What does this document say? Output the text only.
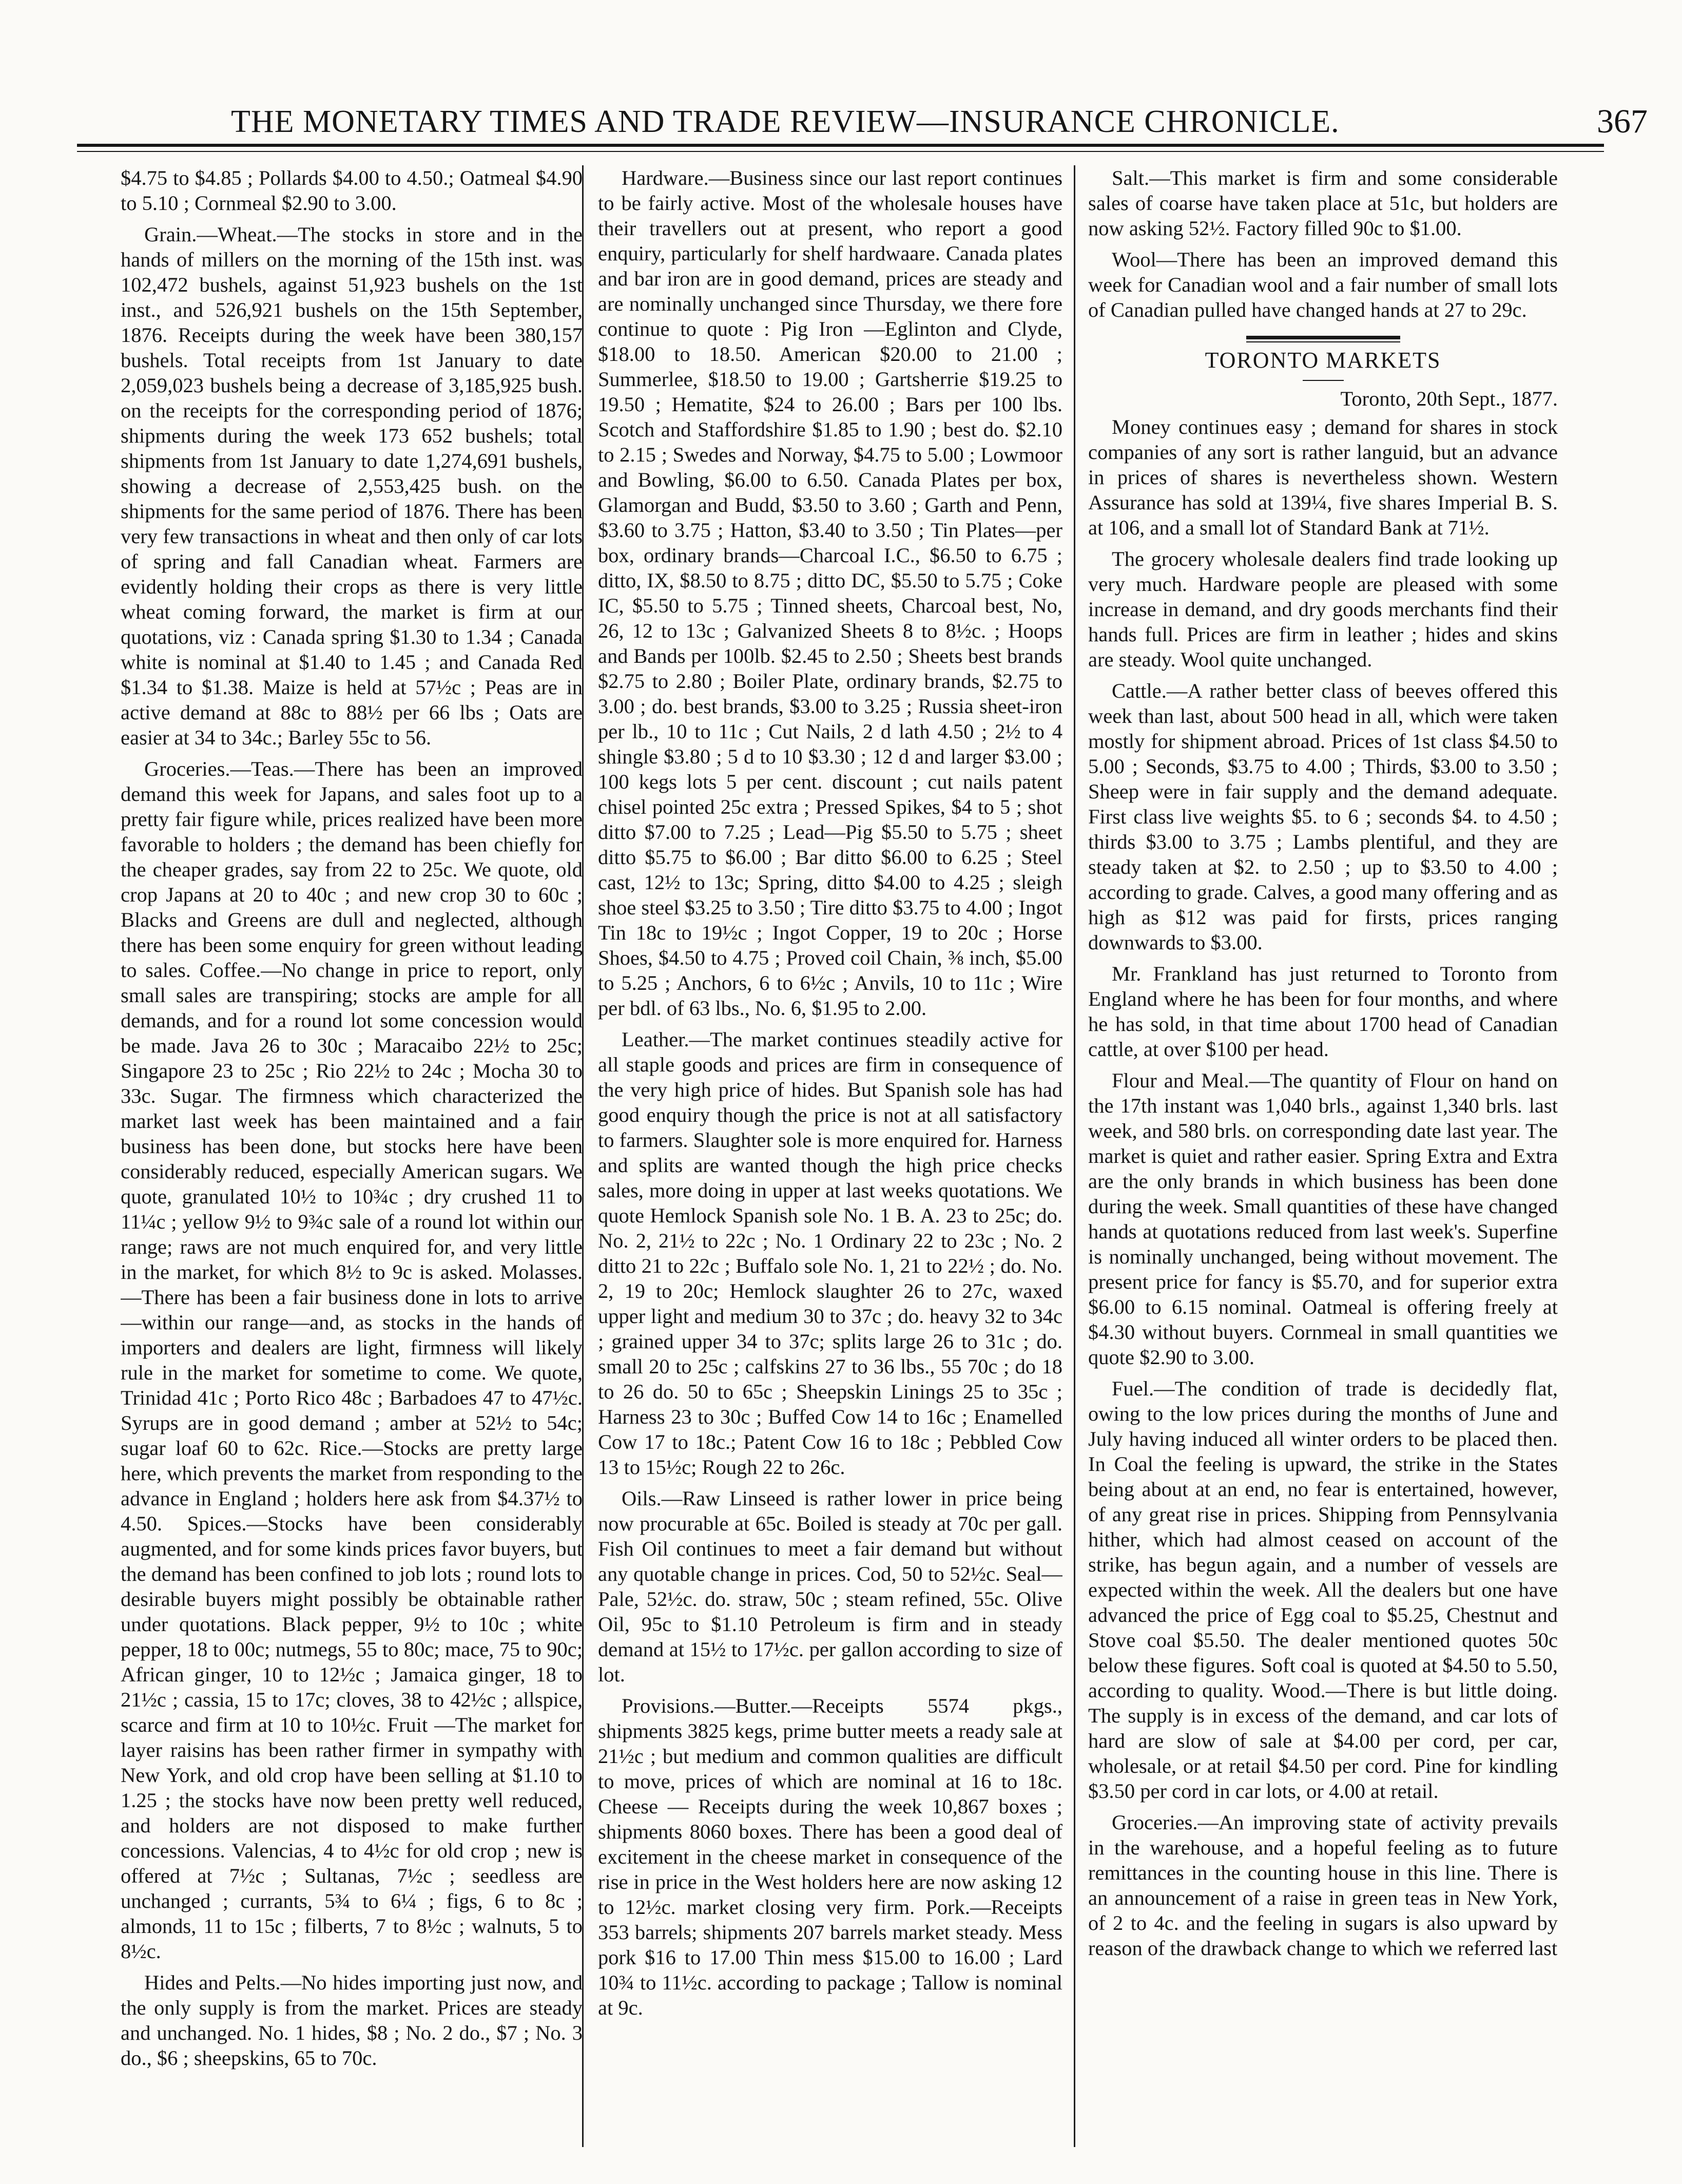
THE MONETARY TIMES AND TRADE REVIEW—INSURANCE CHRONICLE.	367

$4.75 to $4.85 ; Pollards $4.00 to 4.50.; Oatmeal $4.90 to 5.10 ; Cornmeal $2.90 to 3.00.

Grain.—Wheat.—The stocks in store and in the hands of millers on the morning of the 15th inst. was 102,472 bushels, against 51,923 bushels on the 1st inst., and 526,921 bushels on the 15th September, 1876. Receipts during the week have been 380,157 bushels. Total receipts from 1st January to date 2,059,023 bushels being a decrease of 3,185,925 bush. on the receipts for the corresponding period of 1876; shipments during the week 173 652 bushels; total shipments from 1st January to date 1,274,691 bushels, showing a decrease of 2,553,425 bush. on the shipments for the same period of 1876. There has been very few transactions in wheat and then only of car lots of spring and fall Canadian wheat. Farmers are evidently holding their crops as there is very little wheat coming forward, the market is firm at our quotations, viz : Canada spring $1.30 to 1.34 ; Canada white is nominal at $1.40 to 1.45 ; and Canada Red $1.34 to $1.38. Maize is held at 57½c ; Peas are in active demand at 88c to 88½ per 66 lbs ; Oats are easier at 34 to 34c.; Barley 55c to 56.

Groceries.—Teas.—There has been an improved demand this week for Japans, and sales foot up to a pretty fair figure while, prices realized have been more favorable to holders ; the demand has been chiefly for the cheaper grades, say from 22 to 25c. We quote, old crop Japans at 20 to 40c ; and new crop 30 to 60c ; Blacks and Greens are dull and neglected, although there has been some enquiry for green without leading to sales. Coffee.—No change in price to report, only small sales are transpiring; stocks are ample for all demands, and for a round lot some concession would be made. Java 26 to 30c ; Maracaibo 22½ to 25c; Singapore 23 to 25c ; Rio 22½ to 24c ; Mocha 30 to 33c. Sugar. The firmness which characterized the market last week has been maintained and a fair business has been done, but stocks here have been considerably reduced, especially American sugars. We quote, granulated 10½ to 10¾c ; dry crushed 11 to 11¼c ; yellow 9½ to 9¾c sale of a round lot within our range; raws are not much enquired for, and very little in the market, for which 8½ to 9c is asked. Molasses.—There has been a fair business done in lots to arrive—within our range—and, as stocks in the hands of importers and dealers are light, firmness will likely rule in the market for sometime to come. We quote, Trinidad 41c ; Porto Rico 48c ; Barbadoes 47 to 47½c. Syrups are in good demand ; amber at 52½ to 54c; sugar loaf 60 to 62c. Rice.—Stocks are pretty large here, which prevents the market from responding to the advance in England ; holders here ask from $4.37½ to 4.50. Spices.—Stocks have been considerably augmented, and for some kinds prices favor buyers, but the demand has been confined to job lots ; round lots to desirable buyers might possibly be obtainable rather under quotations. Black pepper, 9½ to 10c ; white pepper, 18 to 00c; nutmegs, 55 to 80c; mace, 75 to 90c; African ginger, 10 to 12½c ; Jamaica ginger, 18 to 21½c ; cassia, 15 to 17c; cloves, 38 to 42½c ; allspice, scarce and firm at 10 to 10½c. Fruit —The market for layer raisins has been rather firmer in sympathy with New York, and old crop have been selling at $1.10 to 1.25 ; the stocks have now been pretty well reduced, and holders are not disposed to make further concessions. Valencias, 4 to 4½c for old crop ; new is offered at 7½c ; Sultanas, 7½c ; seedless are unchanged ; currants, 5¾ to 6¼ ; figs, 6 to 8c ; almonds, 11 to 15c ; filberts, 7 to 8½c ; walnuts, 5 to 8½c.

Hides and Pelts.—No hides importing just now, and the only supply is from the market. Prices are steady and unchanged. No. 1 hides, $8 ; No. 2 do., $7 ; No. 3 do., $6 ; sheepskins, 65 to 70c.

Hardware.—Business since our last report continues to be fairly active. Most of the wholesale houses have their travellers out at present, who report a good enquiry, particularly for shelf hardwaare. Canada plates and bar iron are in good demand, prices are steady and are nominally unchanged since Thursday, we there fore continue to quote : Pig Iron —Eglinton and Clyde, $18.00 to 18.50. American $20.00 to 21.00 ; Summerlee, $18.50 to 19.00 ; Gartsherrie $19.25 to 19.50 ; Hematite, $24 to 26.00 ; Bars per 100 lbs. Scotch and Staffordshire $1.85 to 1.90 ; best do. $2.10 to 2.15 ; Swedes and Norway, $4.75 to 5.00 ; Lowmoor and Bowling, $6.00 to 6.50. Canada Plates per box, Glamorgan and Budd, $3.50 to 3.60 ; Garth and Penn, $3.60 to 3.75 ; Hatton, $3.40 to 3.50 ; Tin Plates—per box, ordinary brands—Charcoal I.C., $6.50 to 6.75 ; ditto, IX, $8.50 to 8.75 ; ditto DC, $5.50 to 5.75 ; Coke IC, $5.50 to 5.75 ; Tinned sheets, Charcoal best, No, 26, 12 to 13c ; Galvanized Sheets 8 to 8½c. ; Hoops and Bands per 100lb. $2.45 to 2.50 ; Sheets best brands $2.75 to 2.80 ; Boiler Plate, ordinary brands, $2.75 to 3.00 ; do. best brands, $3.00 to 3.25 ; Russia sheet-iron per lb., 10 to 11c ; Cut Nails, 2 d lath 4.50 ; 2½ to 4 shingle $3.80 ; 5 d to 10 $3.30 ; 12 d and larger $3.00 ; 100 kegs lots 5 per cent. discount ; cut nails patent chisel pointed 25c extra ; Pressed Spikes, $4 to 5 ; shot ditto $7.00 to 7.25 ; Lead—Pig $5.50 to 5.75 ; sheet ditto $5.75 to $6.00 ; Bar ditto $6.00 to 6.25 ; Steel cast, 12½ to 13c; Spring, ditto $4.00 to 4.25 ; sleigh shoe steel $3.25 to 3.50 ; Tire ditto $3.75 to 4.00 ; Ingot Tin 18c to 19½c ; Ingot Copper, 19 to 20c ; Horse Shoes, $4.50 to 4.75 ; Proved coil Chain, ⅜ inch, $5.00 to 5.25 ; Anchors, 6 to 6½c ; Anvils, 10 to 11c ; Wire per bdl. of 63 lbs., No. 6, $1.95 to 2.00.

Leather.—The market continues steadily active for all staple goods and prices are firm in consequence of the very high price of hides. But Spanish sole has had good enquiry though the price is not at all satisfactory to farmers. Slaughter sole is more enquired for. Harness and splits are wanted though the high price checks sales, more doing in upper at last weeks quotations. We quote Hemlock Spanish sole No. 1 B. A. 23 to 25c; do. No. 2, 21½ to 22c ; No. 1 Ordinary 22 to 23c ; No. 2 ditto 21 to 22c ; Buffalo sole No. 1, 21 to 22½ ; do. No. 2, 19 to 20c; Hemlock slaughter 26 to 27c, waxed upper light and medium 30 to 37c ; do. heavy 32 to 34c ; grained upper 34 to 37c; splits large 26 to 31c ; do. small 20 to 25c ; calfskins 27 to 36 lbs., 55 70c ; do 18 to 26 do. 50 to 65c ; Sheepskin Linings 25 to 35c ; Harness 23 to 30c ; Buffed Cow 14 to 16c ; Enamelled Cow 17 to 18c.; Patent Cow 16 to 18c ; Pebbled Cow 13 to 15½c; Rough 22 to 26c.

Oils.—Raw Linseed is rather lower in price being now procurable at 65c. Boiled is steady at 70c per gall. Fish Oil continues to meet a fair demand but without any quotable change in prices. Cod, 50 to 52½c. Seal—Pale, 52½c. do. straw, 50c ; steam refined, 55c. Olive Oil, 95c to $1.10 Petroleum is firm and in steady demand at 15½ to 17½c. per gallon according to size of lot.

Provisions.—Butter.—Receipts 5574 pkgs., shipments 3825 kegs, prime butter meets a ready sale at 21½c ; but medium and common qualities are difficult to move, prices of which are nominal at 16 to 18c. Cheese — Receipts during the week 10,867 boxes ; shipments 8060 boxes. There has been a good deal of excitement in the cheese market in consequence of the rise in price in the West holders here are now asking 12 to 12½c. market closing very firm. Pork.—Receipts 353 barrels; shipments 207 barrels market steady. Mess pork $16 to 17.00 Thin mess $15.00 to 16.00 ; Lard 10¾ to 11½c. according to package ; Tallow is nominal at 9c.

Salt.—This market is firm and some considerable sales of coarse have taken place at 51c, but holders are now asking 52½. Factory filled 90c to $1.00.

Wool—There has been an improved demand this week for Canadian wool and a fair number of small lots of Canadian pulled have changed hands at 27 to 29c.

TORONTO MARKETS

Toronto, 20th Sept., 1877.

Money continues easy ; demand for shares in stock companies of any sort is rather languid, but an advance in prices of shares is nevertheless shown. Western Assurance has sold at 139¼, five shares Imperial B. S. at 106, and a small lot of Standard Bank at 71½.

The grocery wholesale dealers find trade looking up very much. Hardware people are pleased with some increase in demand, and dry goods merchants find their hands full. Prices are firm in leather ; hides and skins are steady. Wool quite unchanged.

Cattle.—A rather better class of beeves offered this week than last, about 500 head in all, which were taken mostly for shipment abroad. Prices of 1st class $4.50 to 5.00 ; Seconds, $3.75 to 4.00 ; Thirds, $3.00 to 3.50 ; Sheep were in fair supply and the demand adequate. First class live weights $5. to 6 ; seconds $4. to 4.50 ; thirds $3.00 to 3.75 ; Lambs plentiful, and they are steady taken at $2. to 2.50 ; up to $3.50 to 4.00 ; according to grade. Calves, a good many offering and as high as $12 was paid for firsts, prices ranging downwards to $3.00.

Mr. Frankland has just returned to Toronto from England where he has been for four months, and where he has sold, in that time about 1700 head of Canadian cattle, at over $100 per head.

Flour and Meal.—The quantity of Flour on hand on the 17th instant was 1,040 brls., against 1,340 brls. last week, and 580 brls. on corresponding date last year. The market is quiet and rather easier. Spring Extra and Extra are the only brands in which business has been done during the week. Small quantities of these have changed hands at quotations reduced from last week's. Superfine is nominally unchanged, being without movement. The present price for fancy is $5.70, and for superior extra $6.00 to 6.15 nominal. Oatmeal is offering freely at $4.30 without buyers. Cornmeal in small quantities we quote $2.90 to 3.00.

Fuel.—The condition of trade is decidedly flat, owing to the low prices during the months of June and July having induced all winter orders to be placed then. In Coal the feeling is upward, the strike in the States being about at an end, no fear is entertained, however, of any great rise in prices. Shipping from Pennsylvania hither, which had almost ceased on account of the strike, has begun again, and a number of vessels are expected within the week. All the dealers but one have advanced the price of Egg coal to $5.25, Chestnut and Stove coal $5.50. The dealer mentioned quotes 50c below these figures. Soft coal is quoted at $4.50 to 5.50, according to quality. Wood.—There is but little doing. The supply is in excess of the demand, and car lots of hard are slow of sale at $4.00 per cord, per car, wholesale, or at retail $4.50 per cord. Pine for kindling $3.50 per cord in car lots, or 4.00 at retail.

Groceries.—An improving state of activity prevails in the warehouse, and a hopeful feeling as to future remittances in the counting house in this line. There is an announcement of a raise in green teas in New York, of 2 to 4c. and the feeling in sugars is also upward by reason of the drawback change to which we referred last
